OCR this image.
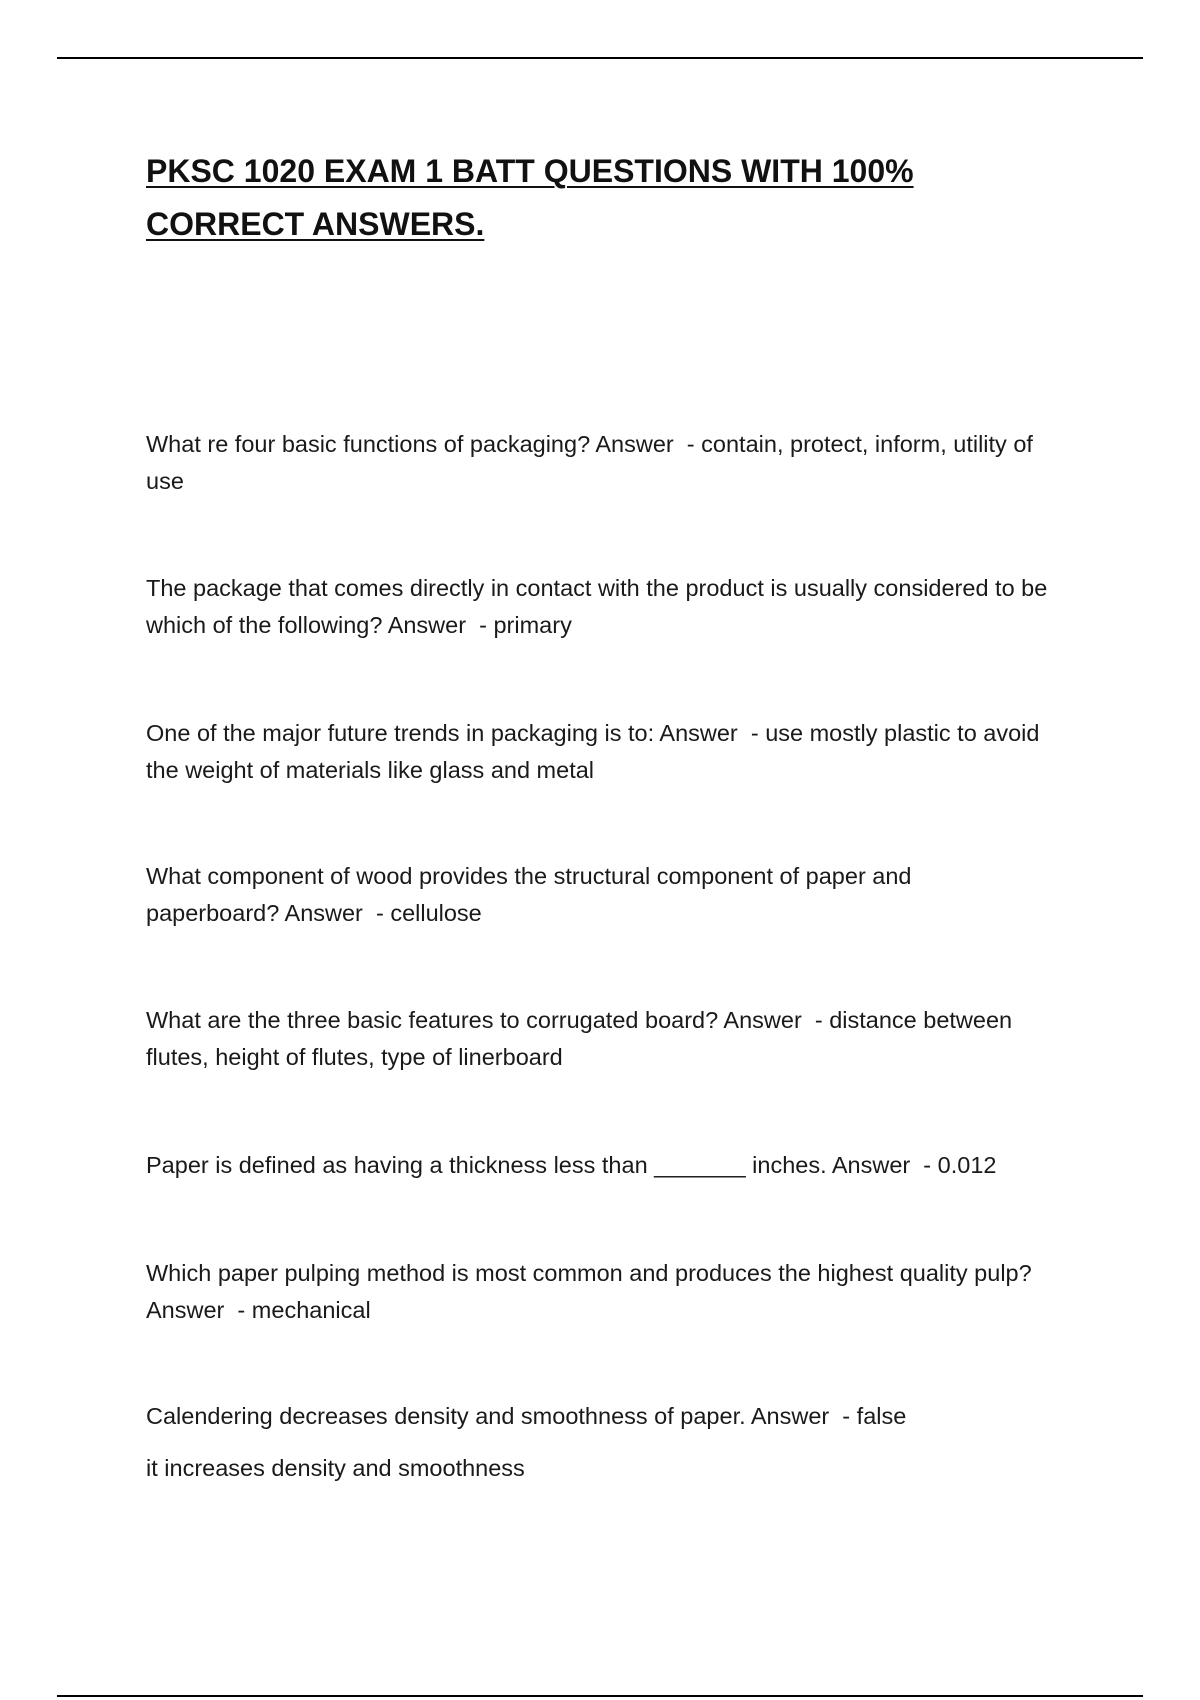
PKSC 1020 EXAM 1 BATT QUESTIONS WITH 100%
CORRECT ANSWERS.

What re four basic functions of packaging? Answer  - contain, protect, inform, utility of use

The package that comes directly in contact with the product is usually considered to be which of the following? Answer  - primary

One of the major future trends in packaging is to: Answer  - use mostly plastic to avoid the weight of materials like glass and metal

What component of wood provides the structural component of paper and paperboard? Answer  - cellulose

What are the three basic features to corrugated board? Answer  - distance between flutes, height of flutes, type of linerboard

Paper is defined as having a thickness less than _______ inches. Answer  - 0.012

Which paper pulping method is most common and produces the highest quality pulp? Answer  - mechanical

Calendering decreases density and smoothness of paper. Answer  - false

it increases density and smoothness
